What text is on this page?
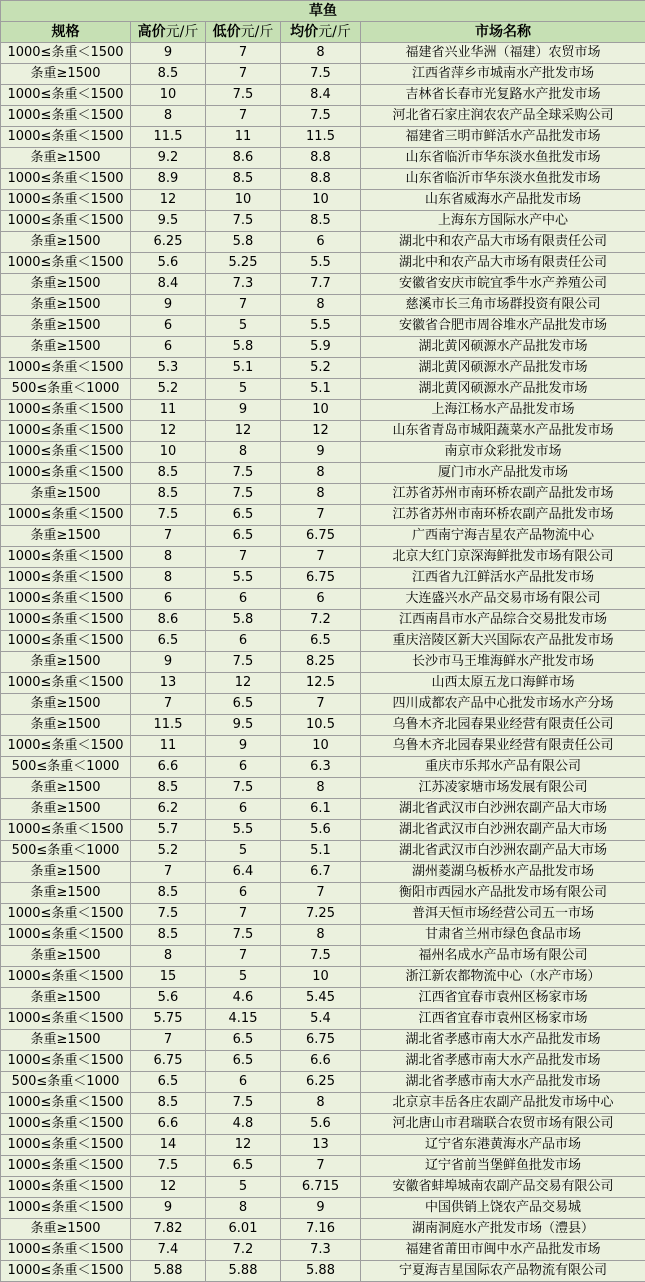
草鱼				
规格	高价元/斤	低价元/斤	均价元/斤	市场名称
1000≤条重＜1500	9	7	8	福建省兴业华洲（福建）农贸市场
条重≥1500	8.5	7	7.5	江西省萍乡市城南水产批发市场
1000≤条重＜1500	10	7.5	8.4	吉林省长春市光复路水产批发市场
1000≤条重＜1500	8	7	7.5	河北省石家庄润农农产品全球采购公司
1000≤条重＜1500	11.5	11	11.5	福建省三明市鲜活水产品批发市场
条重≥1500	9.2	8.6	8.8	山东省临沂市华东淡水鱼批发市场
1000≤条重＜1500	8.9	8.5	8.8	山东省临沂市华东淡水鱼批发市场
1000≤条重＜1500	12	10	10	山东省威海水产品批发市场
1000≤条重＜1500	9.5	7.5	8.5	上海东方国际水产中心
条重≥1500	6.25	5.8	6	湖北中和农产品大市场有限责任公司
1000≤条重＜1500	5.6	5.25	5.5	湖北中和农产品大市场有限责任公司
条重≥1500	8.4	7.3	7.7	安徽省安庆市皖宜季牛水产养殖公司
条重≥1500	9	7	8	慈溪市长三角市场群投资有限公司
条重≥1500	6	5	5.5	安徽省合肥市周谷堆水产品批发市场
条重≥1500	6	5.8	5.9	湖北黄冈硕源水产品批发市场
1000≤条重＜1500	5.3	5.1	5.2	湖北黄冈硕源水产品批发市场
500≤条重＜1000	5.2	5	5.1	湖北黄冈硕源水产品批发市场
1000≤条重＜1500	11	9	10	上海江杨水产品批发市场
1000≤条重＜1500	12	12	12	山东省青岛市城阳蔬菜水产品批发市场
1000≤条重＜1500	10	8	9	南京市众彩批发市场
1000≤条重＜1500	8.5	7.5	8	厦门市水产品批发市场
条重≥1500	8.5	7.5	8	江苏省苏州市南环桥农副产品批发市场
1000≤条重＜1500	7.5	6.5	7	江苏省苏州市南环桥农副产品批发市场
条重≥1500	7	6.5	6.75	广西南宁海吉星农产品物流中心
1000≤条重＜1500	8	7	7	北京大红门京深海鲜批发市场有限公司
1000≤条重＜1500	8	5.5	6.75	江西省九江鲜活水产品批发市场
1000≤条重＜1500	6	6	6	大连盛兴水产品交易市场有限公司
1000≤条重＜1500	8.6	5.8	7.2	江西南昌市水产品综合交易批发市场
1000≤条重＜1500	6.5	6	6.5	重庆涪陵区新大兴国际农产品批发市场
条重≥1500	9	7.5	8.25	长沙市马王堆海鲜水产批发市场
1000≤条重＜1500	13	12	12.5	山西太原五龙口海鲜市场
条重≥1500	7	6.5	7	四川成都农产品中心批发市场水产分场
条重≥1500	11.5	9.5	10.5	乌鲁木齐北园春果业经营有限责任公司
1000≤条重＜1500	11	9	10	乌鲁木齐北园春果业经营有限责任公司
500≤条重＜1000	6.6	6	6.3	重庆市乐邦水产品有限公司
条重≥1500	8.5	7.5	8	江苏凌家塘市场发展有限公司
条重≥1500	6.2	6	6.1	湖北省武汉市白沙洲农副产品大市场
1000≤条重＜1500	5.7	5.5	5.6	湖北省武汉市白沙洲农副产品大市场
500≤条重＜1000	5.2	5	5.1	湖北省武汉市白沙洲农副产品大市场
条重≥1500	7	6.4	6.7	湖州菱湖乌板桥水产品批发市场
条重≥1500	8.5	6	7	衡阳市西园水产品批发市场有限公司
1000≤条重＜1500	7.5	7	7.25	普洱天恒市场经营公司五一市场
1000≤条重＜1500	8.5	7.5	8	甘肃省兰州市绿色食品市场
条重≥1500	8	7	7.5	福州名成水产品市场有限公司
1000≤条重＜1500	15	5	10	浙江新农都物流中心（水产市场）
条重≥1500	5.6	4.6	5.45	江西省宜春市袁州区杨家市场
1000≤条重＜1500	5.75	4.15	5.4	江西省宜春市袁州区杨家市场
条重≥1500	7	6.5	6.75	湖北省孝感市南大水产品批发市场
1000≤条重＜1500	6.75	6.5	6.6	湖北省孝感市南大水产品批发市场
500≤条重＜1000	6.5	6	6.25	湖北省孝感市南大水产品批发市场
1000≤条重＜1500	8.5	7.5	8	北京京丰岳各庄农副产品批发市场中心
1000≤条重＜1500	6.6	4.8	5.6	河北唐山市君瑞联合农贸市场有限公司
1000≤条重＜1500	14	12	13	辽宁省东港黄海水产品市场
1000≤条重＜1500	7.5	6.5	7	辽宁省前当堡鲜鱼批发市场
1000≤条重＜1500	12	5	6.715	安徽省蚌埠城南农副产品交易有限公司
1000≤条重＜1500	9	8	9	中国供销上饶农产品交易城
条重≥1500	7.82	6.01	7.16	湖南洞庭水产批发市场（澧县）
1000≤条重＜1500	7.4	7.2	7.3	福建省莆田市闽中水产品批发市场
1000≤条重＜1500	5.88	5.88	5.88	宁夏海吉星国际农产品物流有限公司
